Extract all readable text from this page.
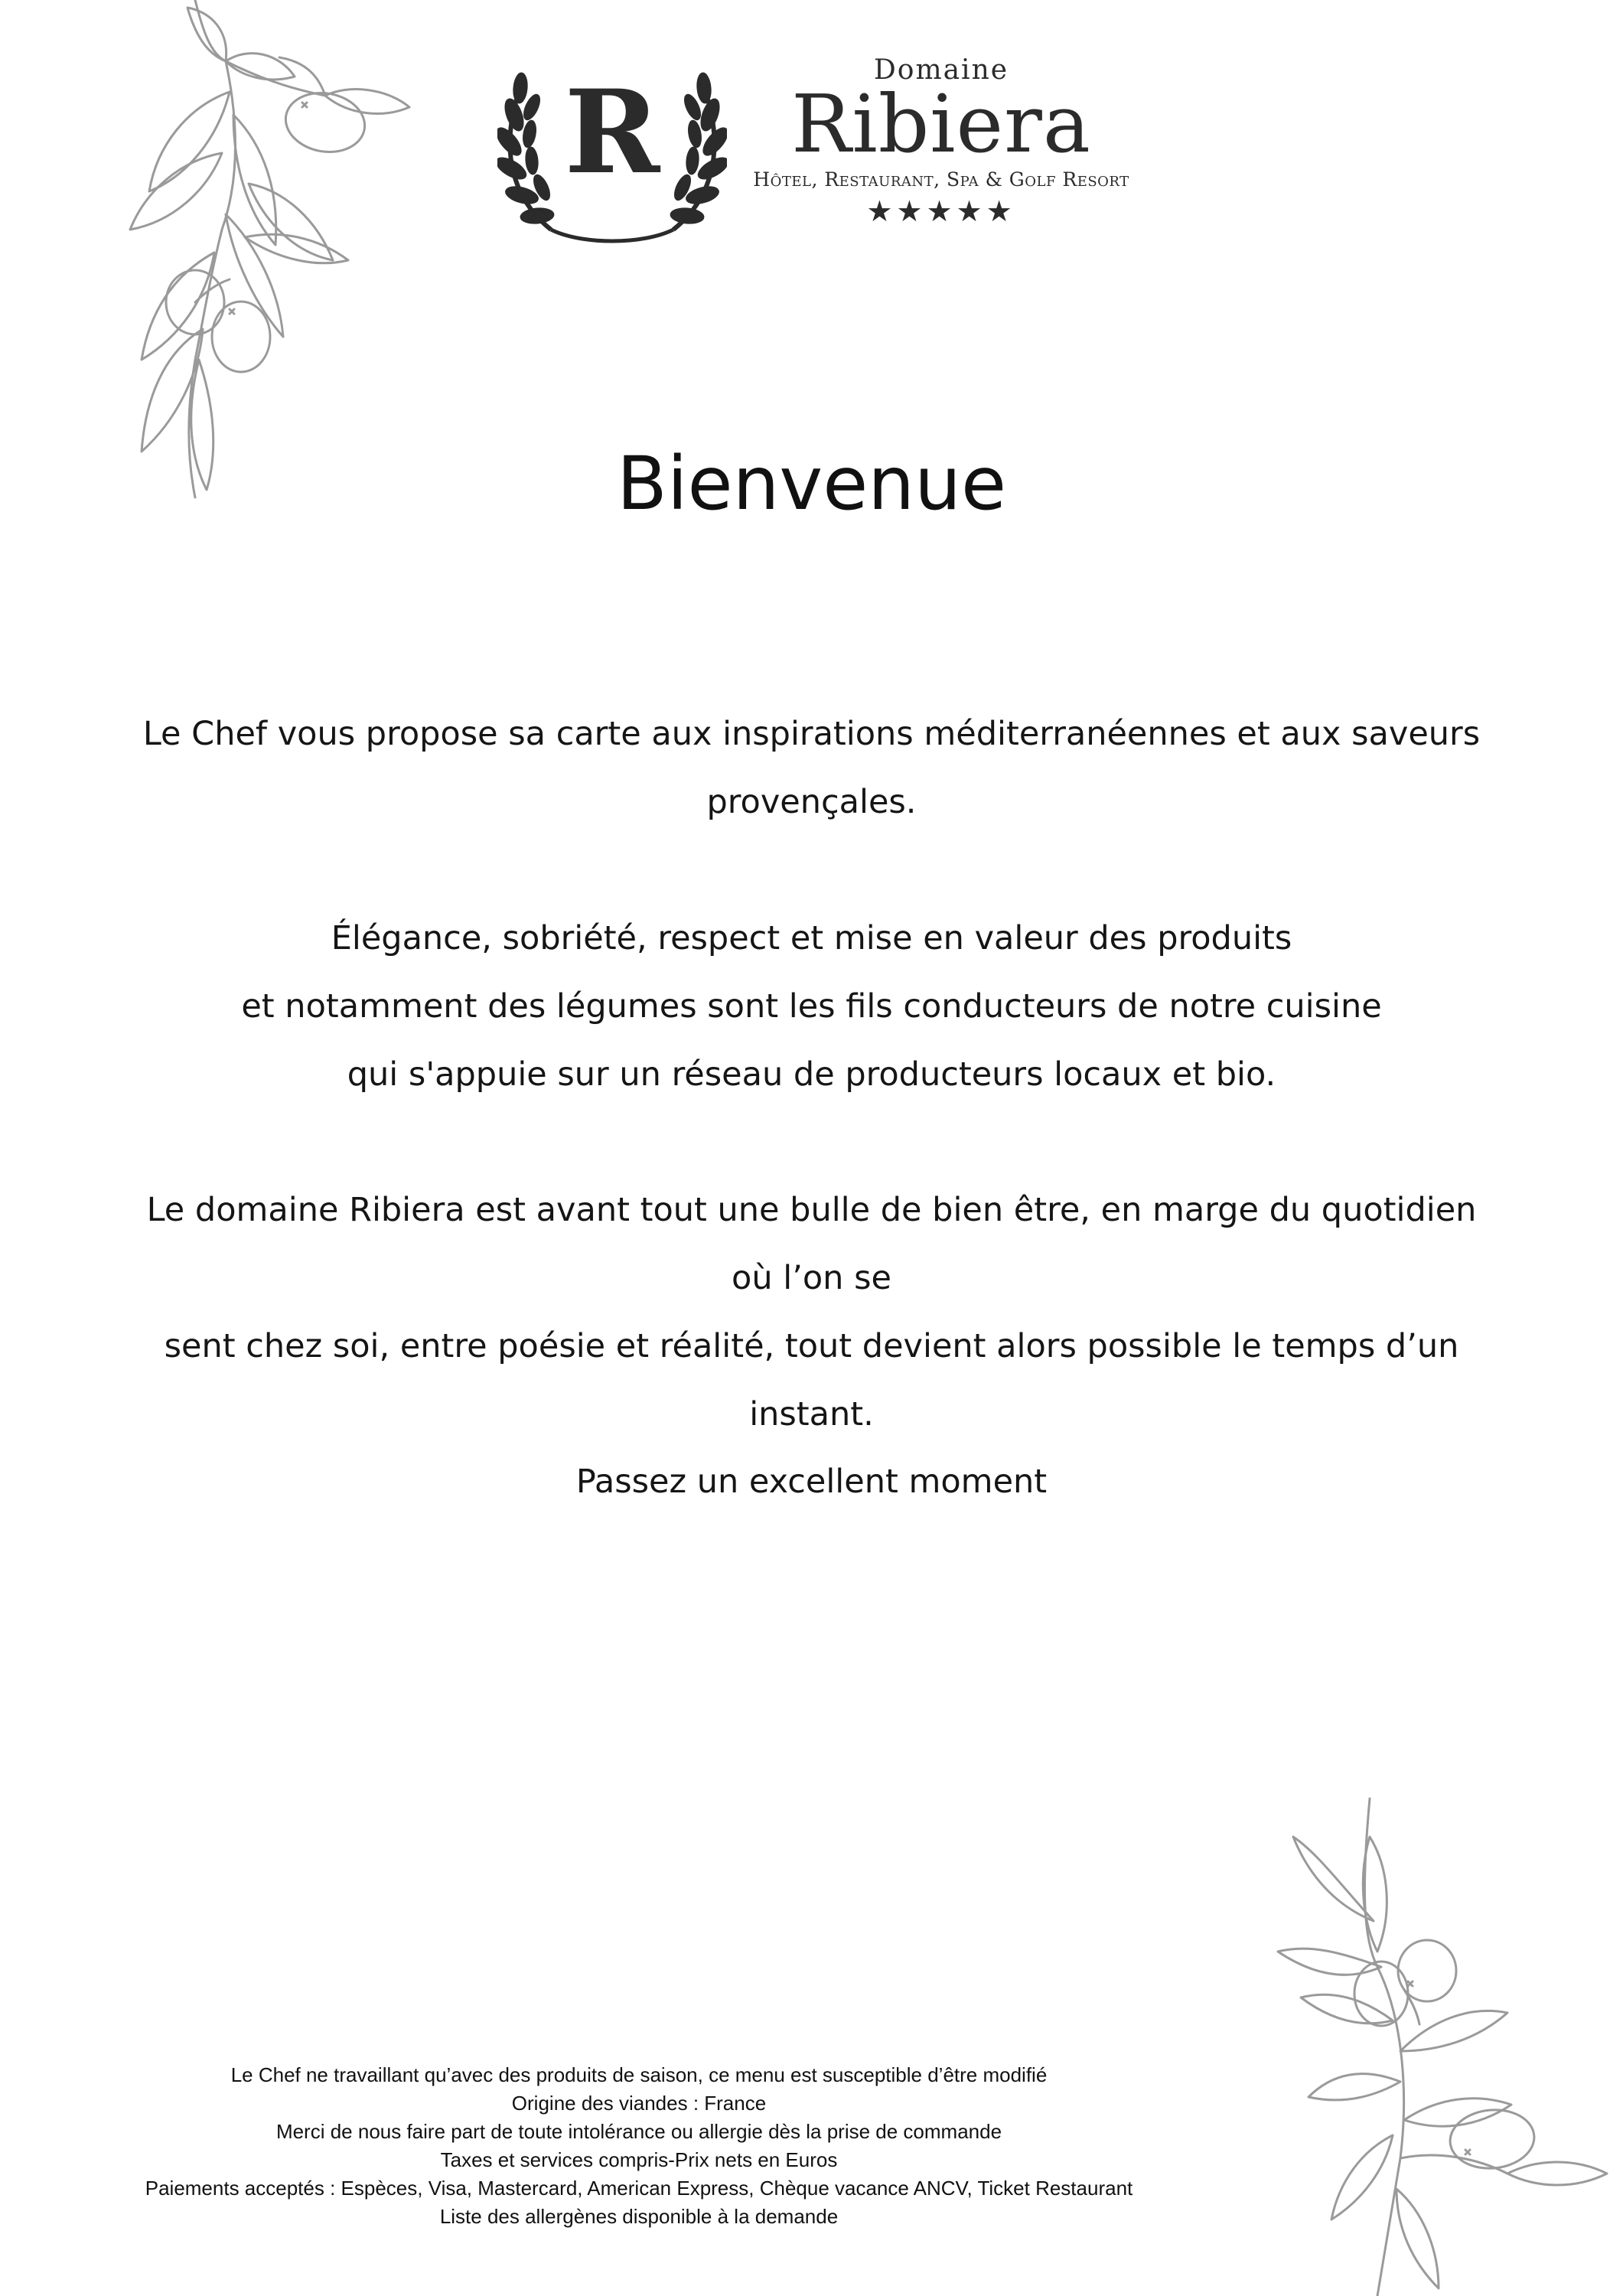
R	Domaine
Ribiera
Hôtel, Restaurant, Spa & Golf Resort
★★★★★
Bienvenue

Le Chef vous propose sa carte aux inspirations méditerranéennes et aux saveurs
provençales.

Élégance, sobriété, respect et mise en valeur des produits
et notamment des légumes sont les fils conducteurs de notre cuisine
qui s'appuie sur un réseau de producteurs locaux et bio.

Le domaine Ribiera est avant tout une bulle de bien être, en marge du quotidien où l’on se
sent chez soi, entre poésie et réalité, tout devient alors possible le temps d’un instant.

Passez un excellent moment

Le Chef ne travaillant qu’avec des produits de saison, ce menu est susceptible d’être modifié
Origine des viandes : France
Merci de nous faire part de toute intolérance ou allergie dès la prise de commande
Taxes et services compris-Prix nets en Euros
Paiements acceptés : Espèces, Visa, Mastercard, American Express, Chèque vacance ANCV, Ticket Restaurant
Liste des allergènes disponible à la demande
